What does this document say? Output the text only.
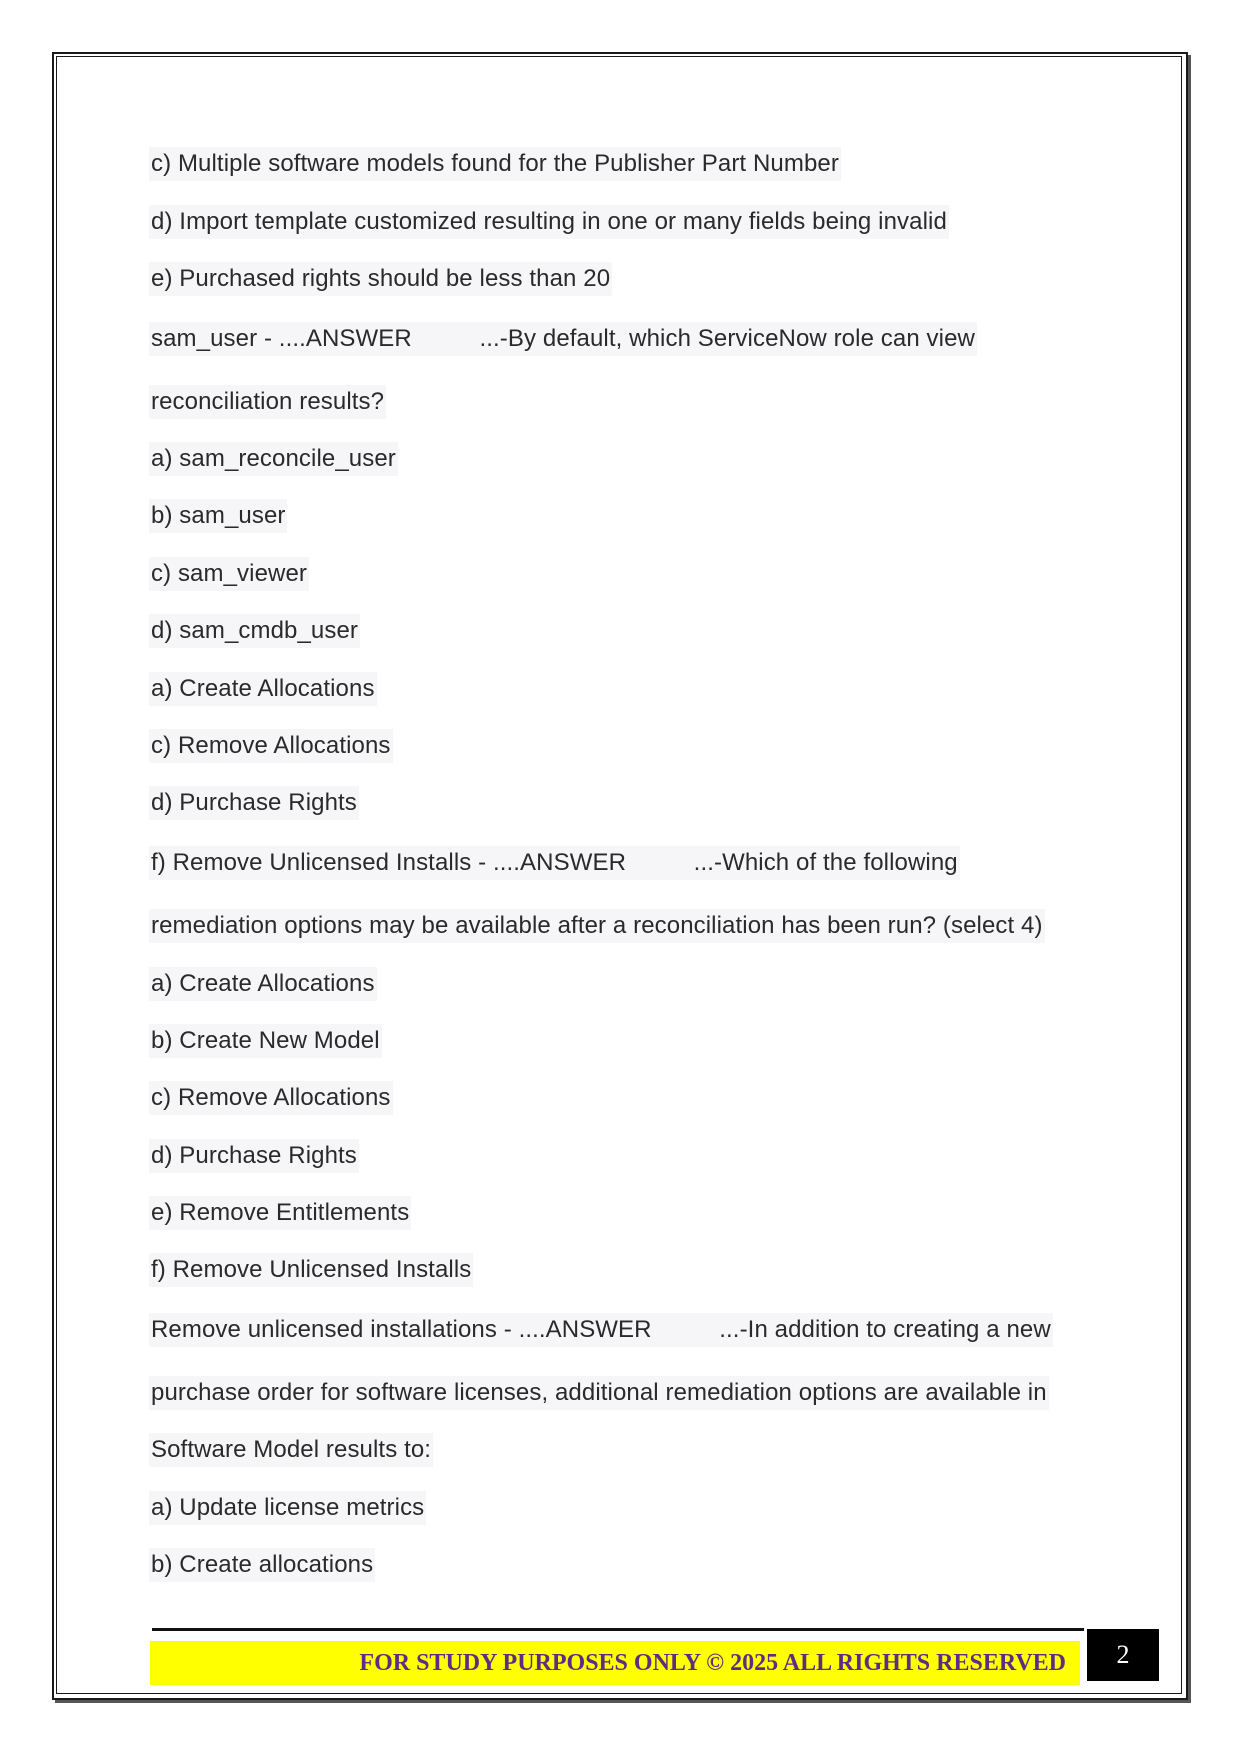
c) Multiple software models found for the Publisher Part Number
d) Import template customized resulting in one or many fields being invalid
e) Purchased rights should be less than 20
sam_user - ....ANSWER          ...-By default, which ServiceNow role can view
reconciliation results?
a) sam_reconcile_user
b) sam_user
c) sam_viewer
d) sam_cmdb_user
a) Create Allocations
c) Remove Allocations
d) Purchase Rights
f) Remove Unlicensed Installs - ....ANSWER          ...-Which of the following
remediation options may be available after a reconciliation has been run? (select 4)
a) Create Allocations
b) Create New Model
c) Remove Allocations
d) Purchase Rights
e) Remove Entitlements
f) Remove Unlicensed Installs
Remove unlicensed installations - ....ANSWER          ...-In addition to creating a new
purchase order for software licenses, additional remediation options are available in
Software Model results to:
a) Update license metrics
b) Create allocations
FOR STUDY PURPOSES ONLY © 2025 ALL RIGHTS RESERVED	2
